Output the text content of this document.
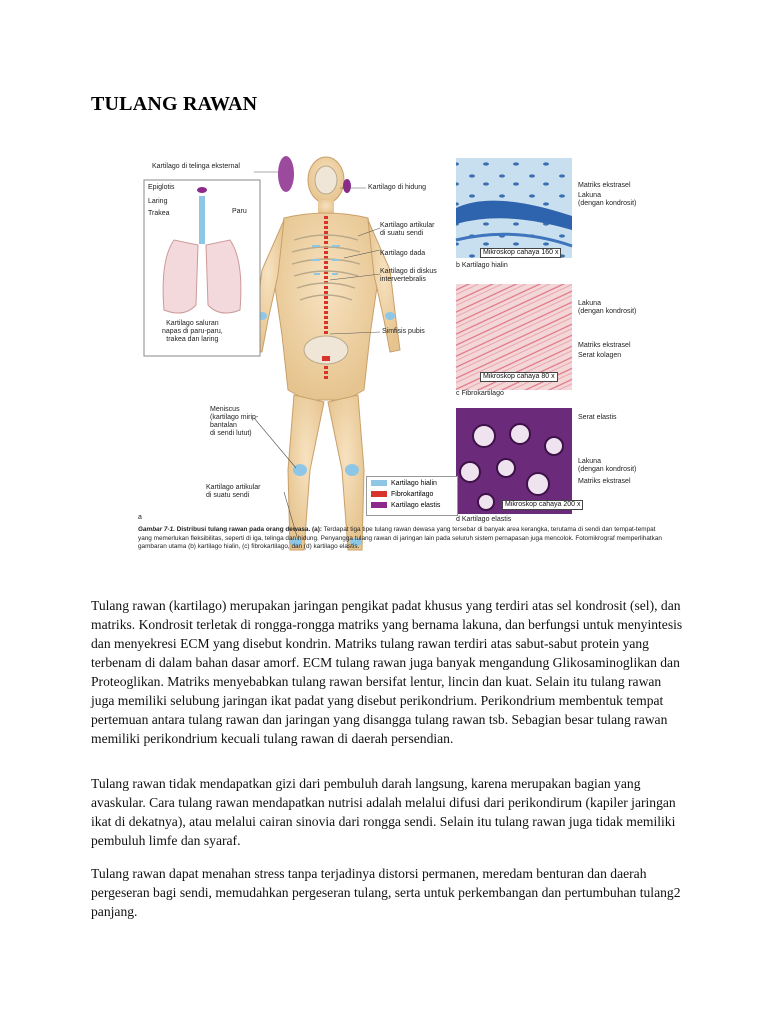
TULANG RAWAN
Kartilago di telinga eksternal
Epiglotis
Laring
Trakea	Paru
Kartilago saluran
napas di paru-paru,
trakea dan laring
Kartilago di hidung
Kartilago artikular
di suatu sendi
Kartilago dada
Kartilago di diskus
intervertebralis
Simfisis pubis
Meniscus
(kartilago mirip-
bantalan
di sendi lutut)
Kartilago artikular
di suatu sendi
a
Kartilago hialin
Fibrokartilago
Kartilago elastis
Matriks ekstrasel
Lakuna
(dengan kondrosit)
Mikroskop cahaya 160 x
b Kartilago hialin
Lakuna
(dengan kondrosit)
Matriks ekstrasel
Serat kolagen
Mikroskop cahaya 80 x
c Fibrokartilago
Serat elastis
Lakuna
(dengan kondrosit)
Matriks ekstrasel
Mikroskop cahaya 200 x
d Kartilago elastis
Gambar 7-1. Distribusi tulang rawan pada orang dewasa. (a): Terdapat tiga tipe tulang rawan dewasa yang tersebar di banyak area kerangka, terutama di sendi dan tempat-tempat yang memerlukan fleksibilitas, seperti di iga, telinga dan hidung. Penyangga tulang rawan di jaringan lain pada seluruh sistem pernapasan juga mencolok. Fotomikrograf memperlihatkan gambaran utama (b) kartilago hialin, (c) fibrokartilago, dan (d) kartilago elastis.
Tulang rawan (kartilago) merupakan jaringan pengikat padat khusus yang terdiri atas sel kondrosit (sel), dan matriks. Kondrosit terletak di rongga-rongga matriks yang bernama lakuna, dan berfungsi untuk menyintesis dan menyekresi ECM yang disebut kondrin. Matriks tulang rawan terdiri atas sabut-sabut protein yang terbenam di dalam bahan dasar amorf. ECM tulang rawan juga banyak mengandung Glikosaminoglikan dan Proteoglikan. Matriks menyebabkan tulang rawan bersifat lentur, lincin dan kuat. Selain itu tulang rawan juga memiliki selubung jaringan ikat padat yang disebut perikondrium. Perikondrium membentuk tempat pertemuan antara tulang rawan dan jaringan yang disangga tulang rawan tsb. Sebagian besar tulang rawan memiliki perikondrium kecuali tulang rawan di daerah persendian.
Tulang rawan tidak mendapatkan gizi dari pembuluh darah langsung, karena merupakan bagian yang avaskular. Cara tulang rawan mendapatkan nutrisi adalah melalui difusi dari perikondirum (kapiler jaringan ikat di dekatnya), atau melalui cairan sinovia dari rongga sendi. Selain itu tulang rawan juga tidak memiliki pembuluh limfe dan syaraf.
Tulang rawan dapat menahan stress tanpa terjadinya distorsi permanen, meredam benturan dan daerah pergeseran bagi sendi, memudahkan pergeseran tulang, serta untuk perkembangan dan pertumbuhan tulang2 panjang.
